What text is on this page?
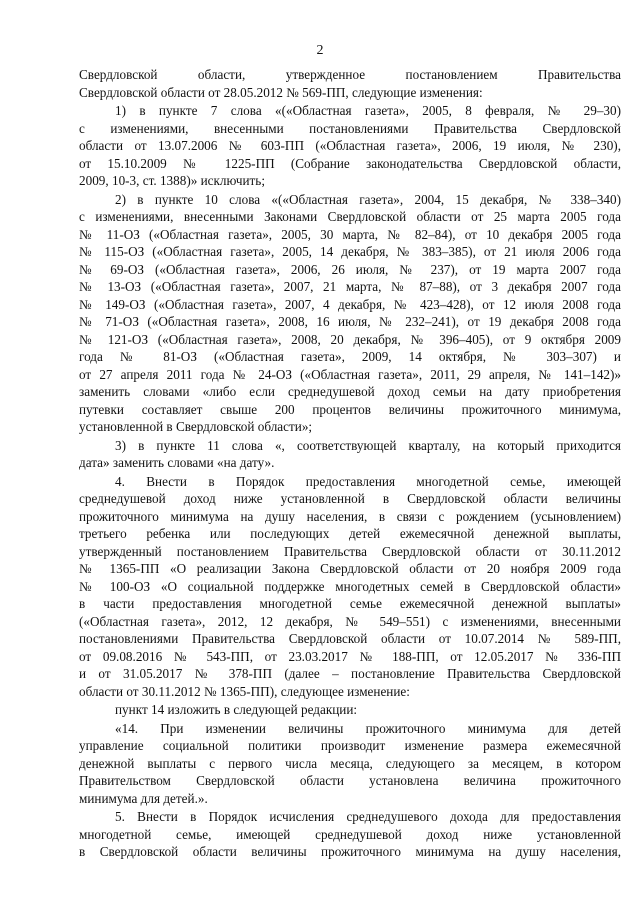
2

Свердловской области, утвержденное постановлением Правительства

Свердловской области от 28.05.2012 № 569-ПП, следующие изменения:

1) в пункте 7 слова «(«Областная газета», 2005, 8 февраля, № 29–30)

с изменениями, внесенными постановлениями Правительства Свердловской

области от 13.07.2006 № 603-ПП («Областная газета», 2006, 19 июля, № 230),

от 15.10.2009 № 1225-ПП (Собрание законодательства Свердловской области,

2009, 10-3, ст. 1388)» исключить;

2) в пункте 10 слова «(«Областная газета», 2004, 15 декабря, № 338–340)

с изменениями, внесенными Законами Свердловской области от 25 марта 2005 года

№ 11-ОЗ («Областная газета», 2005, 30 марта, № 82–84), от 10 декабря 2005 года

№ 115-ОЗ («Областная газета», 2005, 14 декабря, № 383–385), от 21 июля 2006 года

№ 69-ОЗ («Областная газета», 2006, 26 июля, № 237), от 19 марта 2007 года

№ 13-ОЗ («Областная газета», 2007, 21 марта, № 87–88), от 3 декабря 2007 года

№ 149-ОЗ («Областная газета», 2007, 4 декабря, № 423–428), от 12 июля 2008 года

№ 71-ОЗ («Областная газета», 2008, 16 июля, № 232–241), от 19 декабря 2008 года

№ 121-ОЗ («Областная газета», 2008, 20 декабря, № 396–405), от 9 октября 2009

года № 81-ОЗ («Областная газета», 2009, 14 октября, № 303–307) и

от 27 апреля 2011 года № 24-ОЗ («Областная газета», 2011, 29 апреля, № 141–142)»

заменить словами «либо если среднедушевой доход семьи на дату приобретения

путевки составляет свыше 200 процентов величины прожиточного минимума,

установленной в Свердловской области»;

3) в пункте 11 слова «, соответствующей кварталу, на который приходится

дата» заменить словами «на дату».

4. Внести в Порядок предоставления многодетной семье, имеющей

среднедушевой доход ниже установленной в Свердловской области величины

прожиточного минимума на душу населения, в связи с рождением (усыновлением)

третьего ребенка или последующих детей ежемесячной денежной выплаты,

утвержденный постановлением Правительства Свердловской области от 30.11.2012

№ 1365-ПП «О реализации Закона Свердловской области от 20 ноября 2009 года

№ 100-ОЗ «О социальной поддержке многодетных семей в Свердловской области»

в части предоставления многодетной семье ежемесячной денежной выплаты»

(«Областная газета», 2012, 12 декабря, № 549–551) с изменениями, внесенными

постановлениями Правительства Свердловской области от 10.07.2014 № 589-ПП,

от 09.08.2016 № 543-ПП, от 23.03.2017 № 188-ПП, от 12.05.2017 № 336-ПП

и от 31.05.2017 № 378-ПП (далее – постановление Правительства Свердловской

области от 30.11.2012 № 1365-ПП), следующее изменение:

пункт 14 изложить в следующей редакции:

«14. При изменении величины прожиточного минимума для детей

управление социальной политики производит изменение размера ежемесячной

денежной выплаты с первого числа месяца, следующего за месяцем, в котором

Правительством Свердловской области установлена величина прожиточного

минимума для детей.».

5. Внести в Порядок исчисления среднедушевого дохода для предоставления

многодетной семье, имеющей среднедушевой доход ниже установленной

в Свердловской области величины прожиточного минимума на душу населения,
